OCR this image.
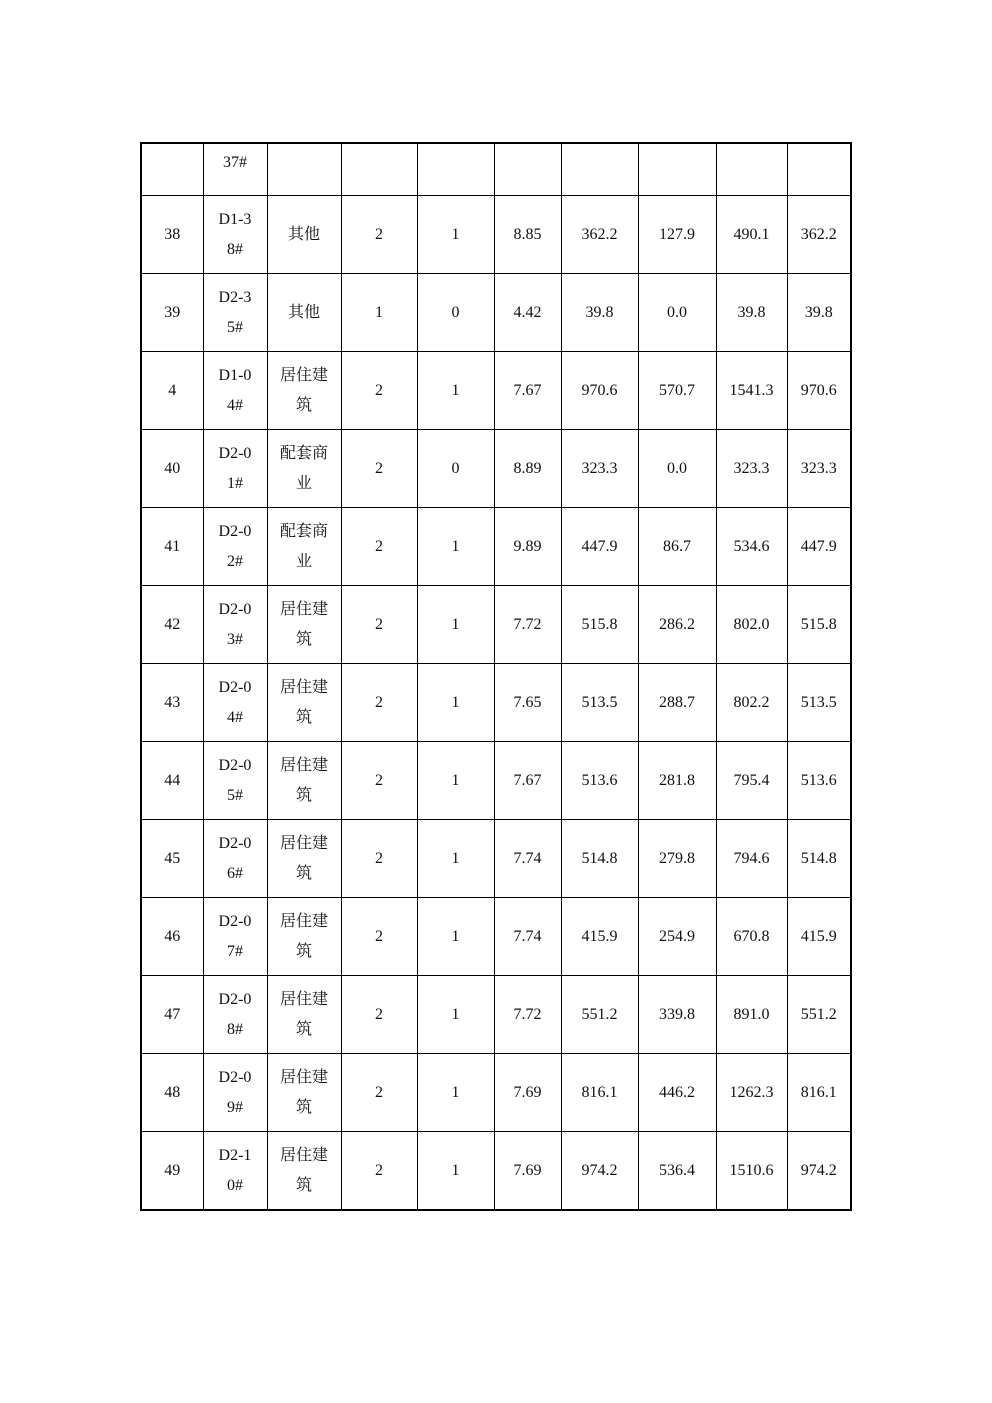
	37#								
38	D1-38#	其他	2	1	8.85	362.2	127.9	490.1	362.2
39	D2-35#	其他	1	0	4.42	39.8	0.0	39.8	39.8
4	D1-04#	居住建筑	2	1	7.67	970.6	570.7	1541.3	970.6
40	D2-01#	配套商业	2	0	8.89	323.3	0.0	323.3	323.3
41	D2-02#	配套商业	2	1	9.89	447.9	86.7	534.6	447.9
42	D2-03#	居住建筑	2	1	7.72	515.8	286.2	802.0	515.8
43	D2-04#	居住建筑	2	1	7.65	513.5	288.7	802.2	513.5
44	D2-05#	居住建筑	2	1	7.67	513.6	281.8	795.4	513.6
45	D2-06#	居住建筑	2	1	7.74	514.8	279.8	794.6	514.8
46	D2-07#	居住建筑	2	1	7.74	415.9	254.9	670.8	415.9
47	D2-08#	居住建筑	2	1	7.72	551.2	339.8	891.0	551.2
48	D2-09#	居住建筑	2	1	7.69	816.1	446.2	1262.3	816.1
49	D2-10#	居住建筑	2	1	7.69	974.2	536.4	1510.6	974.2
